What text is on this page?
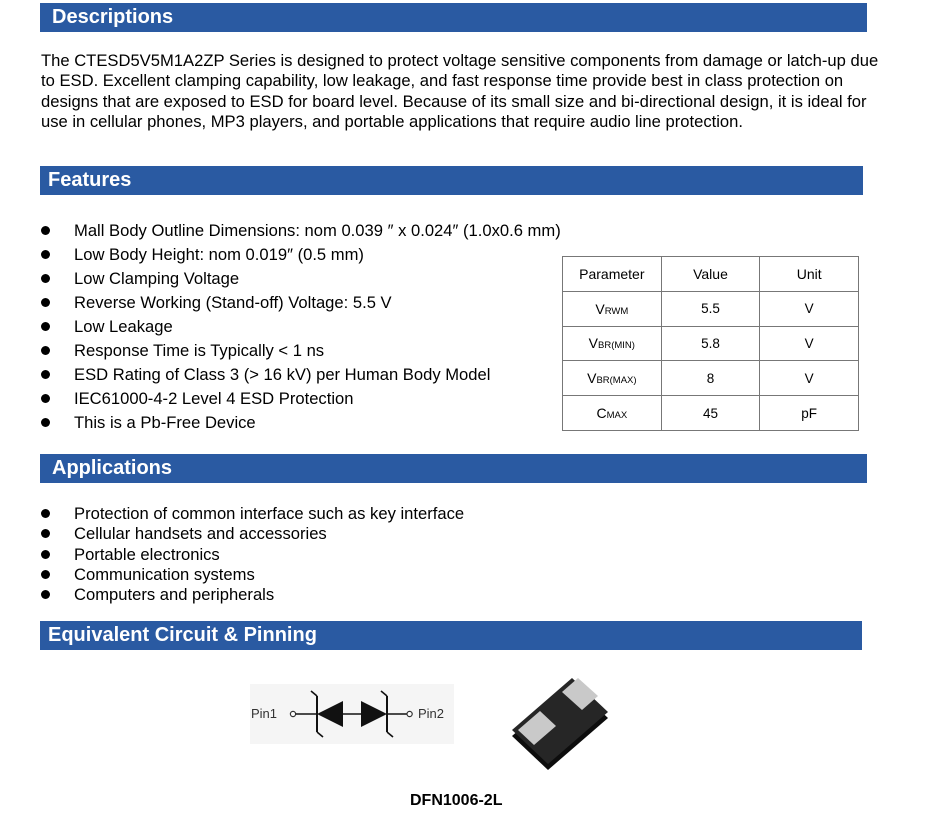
Descriptions

The CTESD5V5M1A2ZP Series is designed to protect voltage sensitive components from damage or latch-up due to ESD. Excellent clamping capability, low leakage, and fast response time provide best in class protection on designs that are exposed to ESD for board level. Because of its small size and bi-directional design, it is ideal for use in cellular phones, MP3 players, and portable applications that require audio line protection.

Features
Mall Body Outline Dimensions: nom 0.039 ″ x 0.024″ (1.0x0.6 mm)
Low Body Height: nom 0.019″ (0.5 mm)
Low Clamping Voltage
Reverse Working (Stand-off) Voltage: 5.5 V
Low Leakage
Response Time is Typically < 1 ns
ESD Rating of Class 3 (> 16 kV) per Human Body Model
IEC61000-4-2 Level 4 ESD Protection
This is a Pb-Free Device
Parameter	Value	Unit
VRWM	5.5	V
VBR(MIN)	5.8	V
VBR(MAX)	8	V
CMAX	45	pF
Applications
Protection of common interface such as key interface
Cellular handsets and accessories
Portable electronics
Communication systems
Computers and peripherals
Equivalent Circuit & Pinning
Pin1	Pin2
DFN1006-2L
